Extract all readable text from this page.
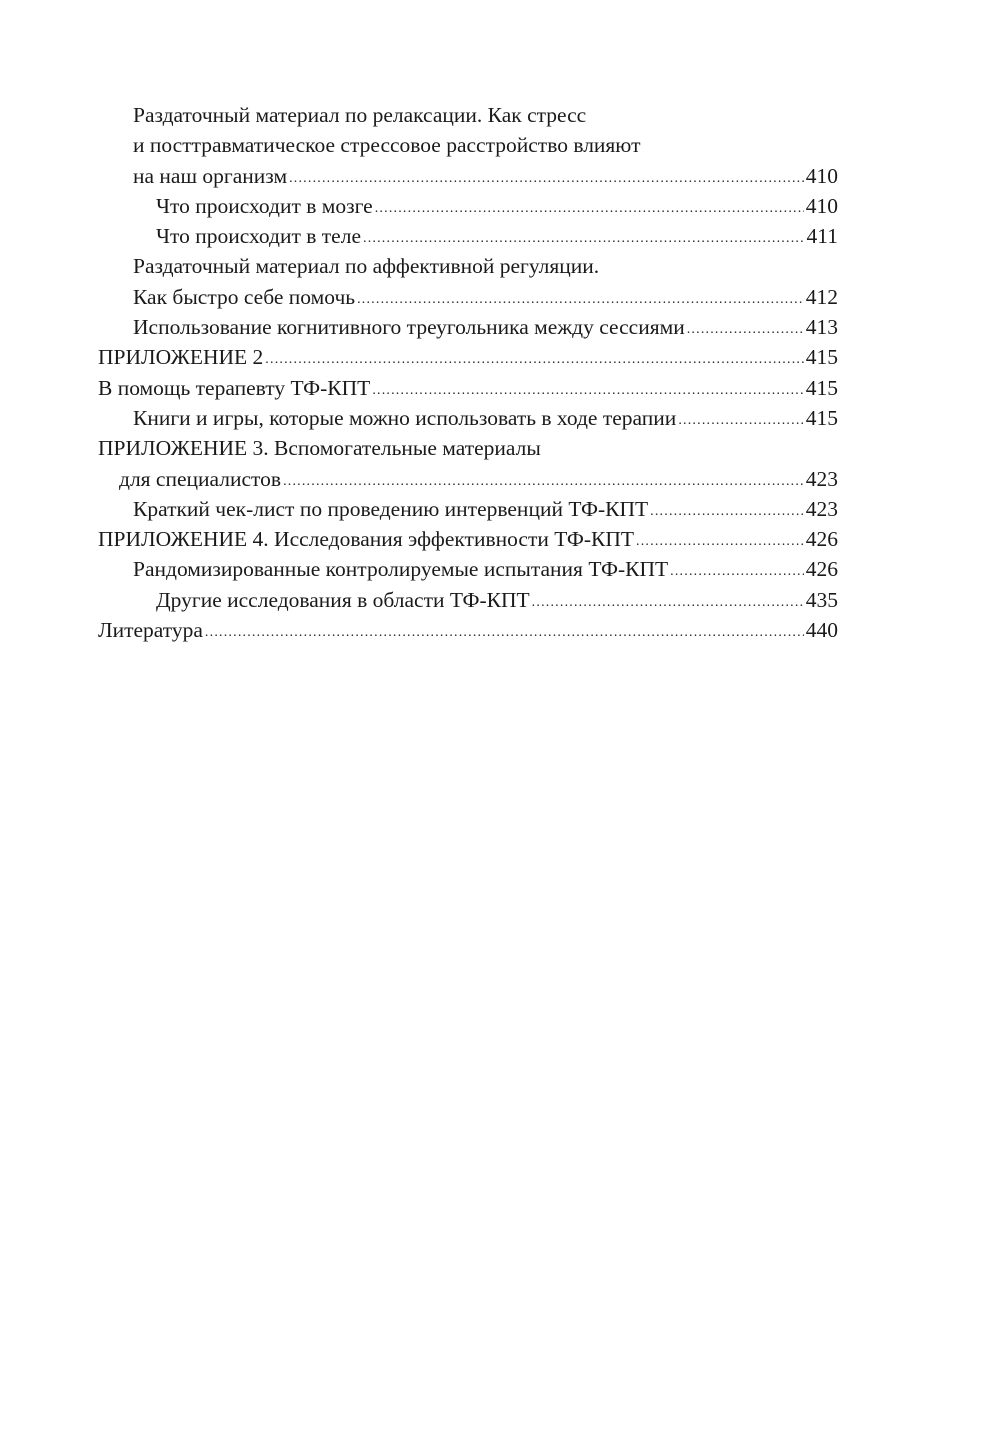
Раздаточный материал по релаксации. Как стресс
и посттравматическое стрессовое расстройство влияют
на наш организм .....	410
Что происходит в мозге .....	410
Что происходит в теле .....	411
Раздаточный материал по аффективной регуляции.
Как быстро себе помочь .....	412
Использование когнитивного треугольника между сессиями .....	413
ПРИЛОЖЕНИЕ 2 .....	415
В помощь терапевту ТФ-КПТ .....	415
Книги и игры, которые можно использовать в ходе терапии .....	415
ПРИЛОЖЕНИЕ 3. Вспомогательные материалы
для специалистов .....	423
Краткий чек-лист по проведению интервенций ТФ-КПТ .....	423
ПРИЛОЖЕНИЕ 4. Исследования эффективности ТФ-КПТ .....	426
Рандомизированные контролируемые испытания ТФ-КПТ .....	426
Другие исследования в области ТФ-КПТ .....	435
Литература .....	440
